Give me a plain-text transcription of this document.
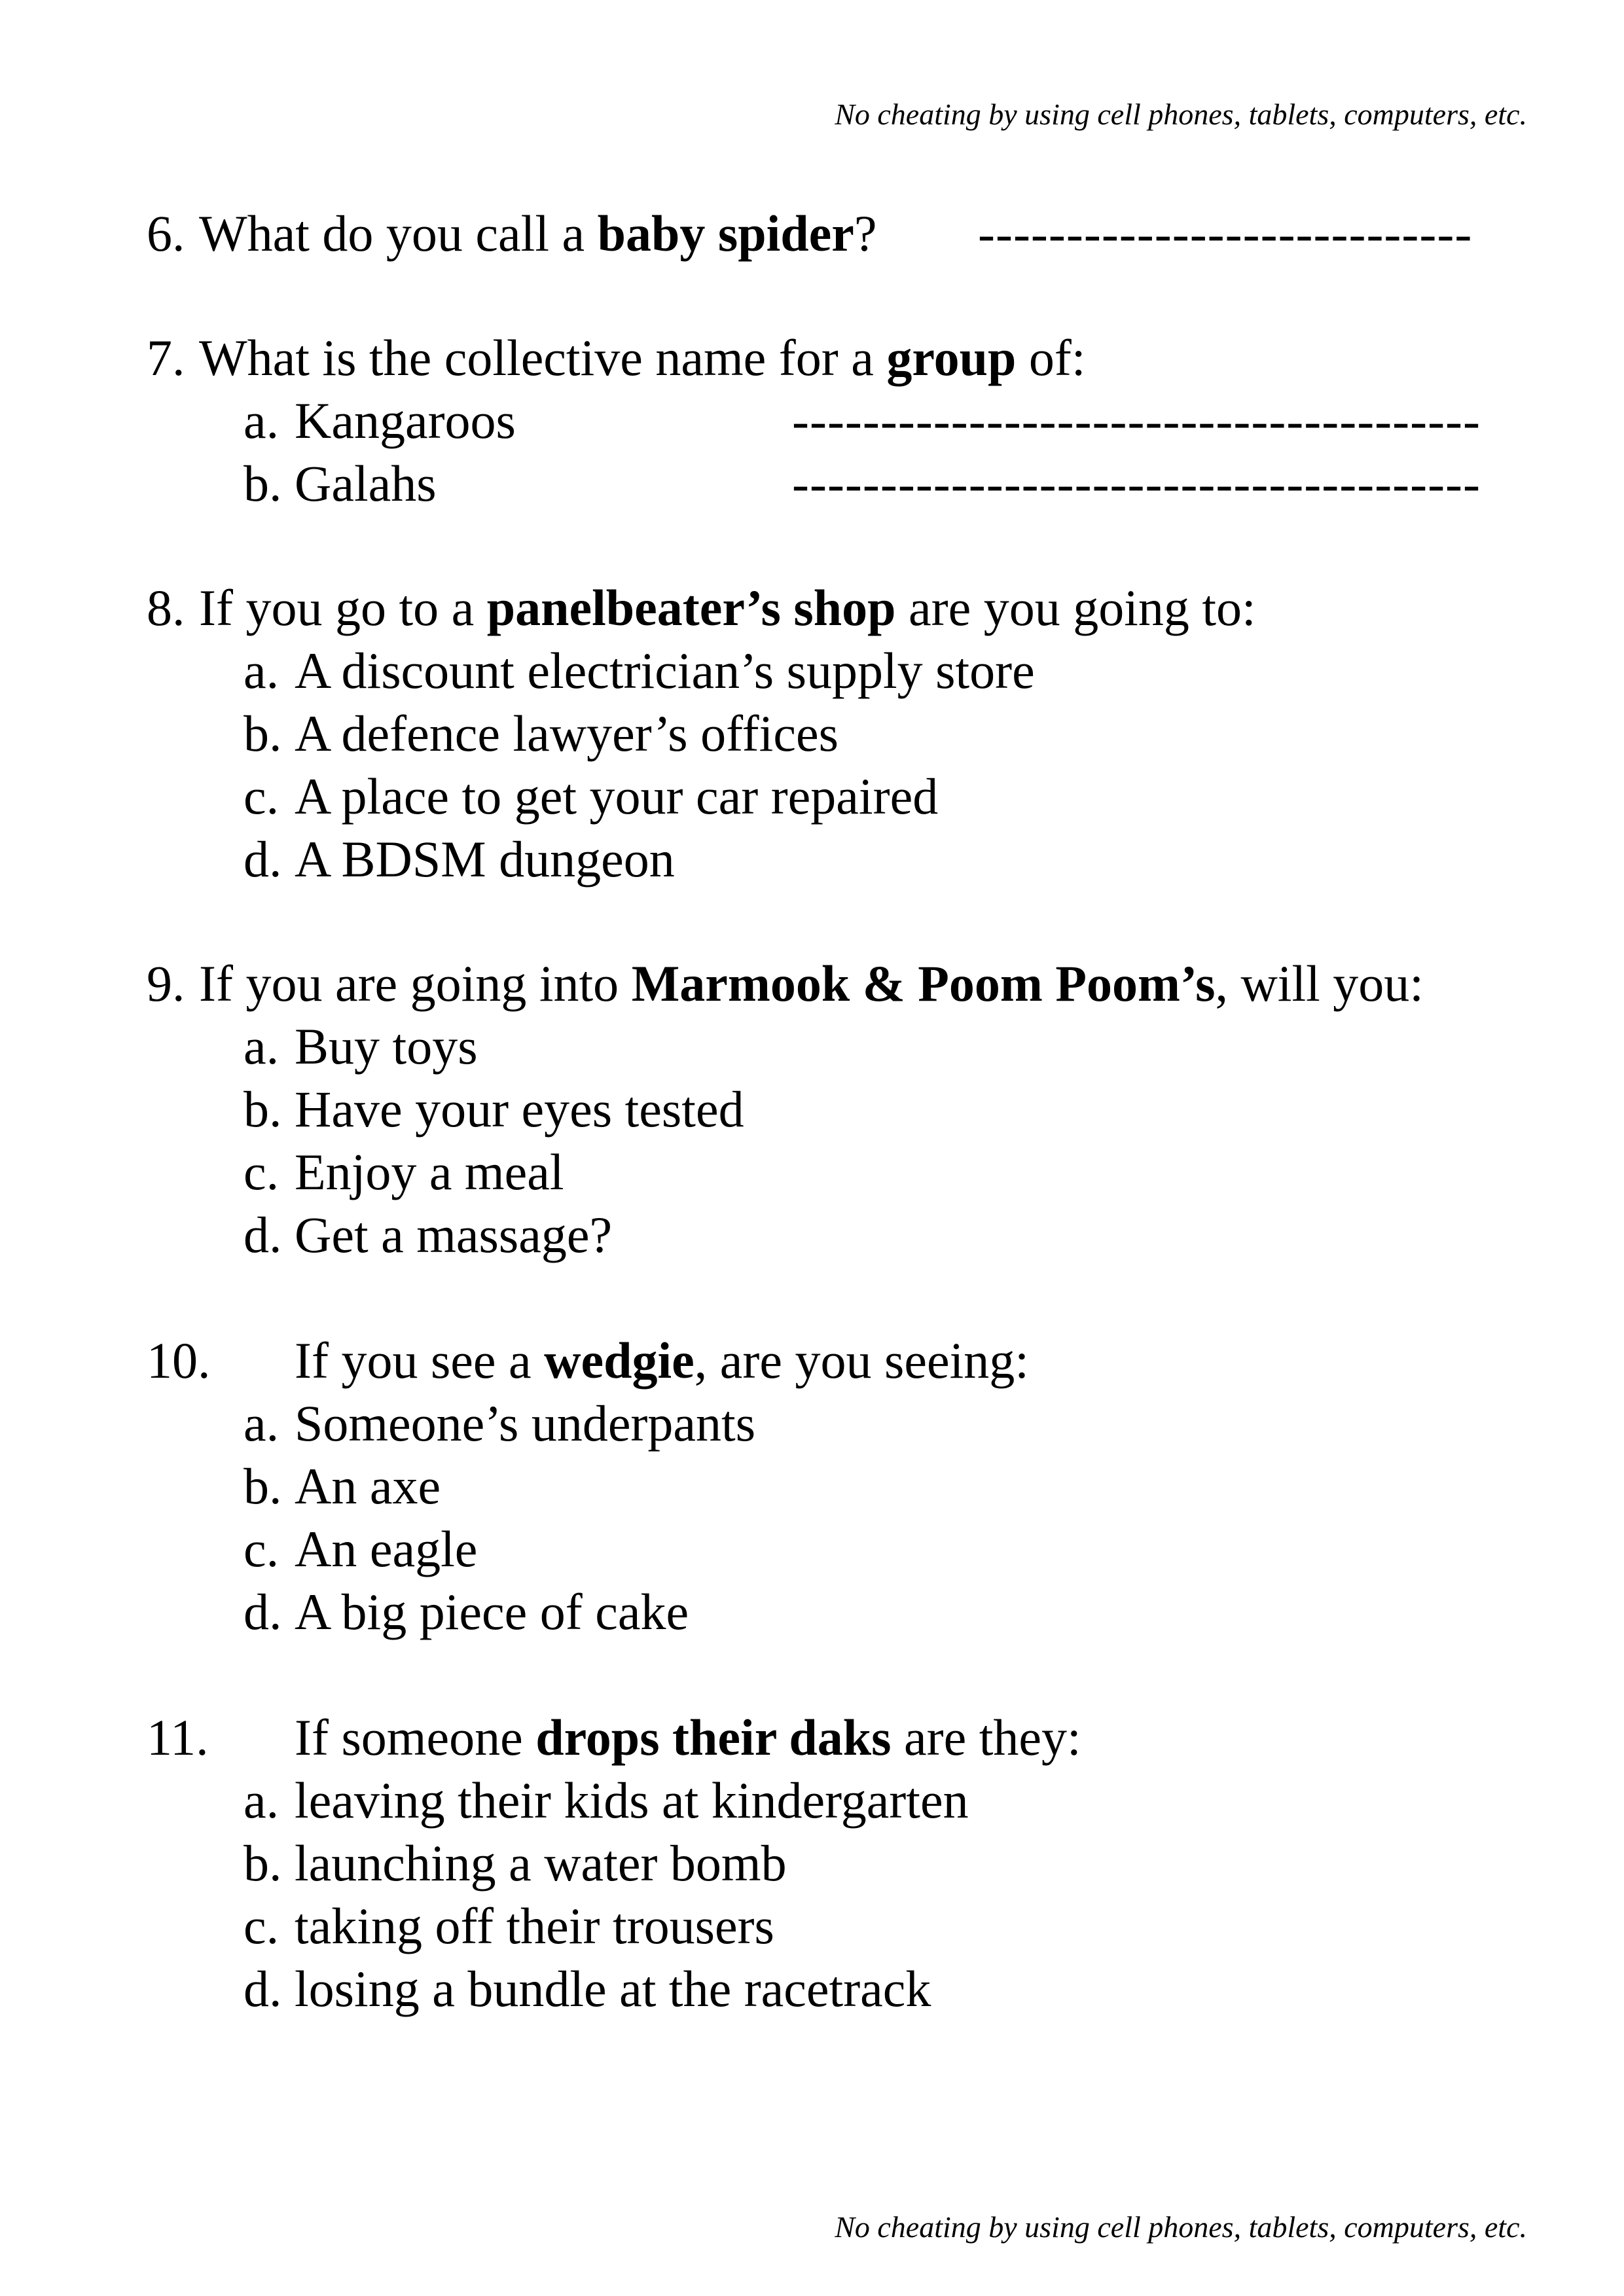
No cheating by using cell phones, tablets, computers, etc.
6. What do you call a baby spider? ----------------------------
7. What is the collective name for a group of:
a. Kangaroos	---------------------------------------
b. Galahs	---------------------------------------
8. If you go to a panelbeater’s shop are you going to:
a. A discount electrician’s supply store
b. A defence lawyer’s offices
c. A place to get your car repaired
d. A BDSM dungeon
9. If you are going into Marmook & Poom Poom’s, will you:
a. Buy toys
b. Have your eyes tested
c. Enjoy a meal
d. Get a massage?
10. If you see a wedgie, are you seeing:
a. Someone’s underpants
b. An axe
c. An eagle
d. A big piece of cake
11. If someone drops their daks are they:
a. leaving their kids at kindergarten
b. launching a water bomb
c. taking off their trousers
d. losing a bundle at the racetrack
No cheating by using cell phones, tablets, computers, etc.
